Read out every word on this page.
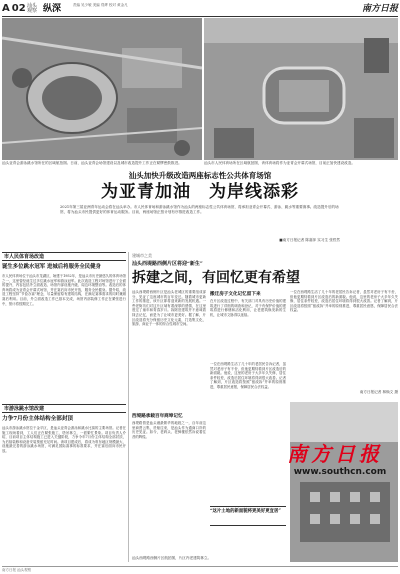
A 02 汕头
观察 纵深	责编 吴少敏 美编 郑烨 校对 黄金凡	南方日报
汕头亚青会游泳跳水馆所在的区域航拍图。日前，汕头亚青会场馆建设以及城市改造提升工作正在紧锣密鼓推进。	汕头市人民体育场所在区域航拍图，该体育场将作为亚青会开幕式场馆，目前正加快建设改造。
汕头加快升级改造两座标志性公共体育场馆
为亚青加油　为岸线添彩
2021年第三届亚洲青年运动会将在汕头举办。市人民体育场和游泳跳水馆作为汕头的两座标志性公共体育场馆，将承担亚青会开幕式、游泳、跳水等重要赛事。改造提升后的场馆，将为汕头市民提供更好的体育运动服务。目前，两座场馆正按计划有序推进改造工作。
■南方日报记者 陈嘉萍 实习生 张哲然
市人民体育场改造
诞生多位跳水冠军 进城后将服务全民健身
市人民体育场位于汕头市龙湖区，始建于1952年，是汕头市历史最悠久的体育场馆之一，这里曾经诞生过多位跳水冠军和游泳冠军。此次改造工程对场馆进行了全面的提升，内容包括外立面改造、场馆内部设施升级、周边环境整治等。改造后的体育场将成为亚青会开幕式场馆，并在赛后向市民开放，服务全民健身。据介绍，改造工程坚持“节俭办赛”理念，尽量保留原有建筑结构，在满足赛事需求的同时兼顾赛后利用。目前，外立面改造工作已基本完成，场馆内部装修工作正在紧张进行中，预计将按期完工。
市游泳跳水馆改建
力争7月份主体结构全部封顶
汕头市游泳跳水馆位于金平区，是汕头亚青会游泳和跳水比赛的主要场馆。记者在施工现场看到，工人们正在紧张施工，塔吊林立，一派繁忙景象。项目负责人介绍，目前项目主体结构施工已进入关键阶段，力争今年7月份主体结构全部封顶，为后续装修和设备安装预留充足时间。该项目建成后，将成为粤东地区规模最大、设施最完善的游泳跳水场馆，可满足国际赛事的标准要求，并在赛后面向市民开放。
建城市之美
汕头西堤路西侧片区将迎“新生”
拆建之间，有回忆更有希望
汕头西堤路西侧片区是汕头老城区的重要组成部分，见证了这座城市的百年变迁。随着城市更新工作的推进，该片区即将迎来新的发展机遇。一些老街坊们对这片区域有着深厚的感情，在这里度过了童年和青春岁月。拆除旧建筑并不意味着抹去记忆，而是为了让城市更美好。据了解，片区改造将充分保留历史文化元素，打造集文化、旅游、商业于一体的综合性城市空间。
搬迁房子文化记忆留下来
在片区改造过程中，有关部门对具有历史价值的建筑进行了详细的调查和登记，对于有保护价值的建筑将进行修缮和活化利用，让老建筑焕发新的生机，让城市文脉得以延续。
西堤路承载百年商埠记忆
西堤路曾是汕头港最繁华的地段之一，百年前这里商贾云集、货船往来，是汕头作为通商口岸的历史见证。如今，老码头、老骑楼依然诉说着往昔的辉煌。
一位在西堤路生活了几十年的老居民告诉记者，虽然对老房子有不舍，但他更期待看到片区改造后的新面貌。他说，这里的老房子大多年久失修，居住条件较差，改造后居住环境将得到很大改善。记者了解到，片区改造将按照“留改拆”并举的原则推进，尊重居民意愿，保障居民合法权益。
一位在西堤路生活了几十年的老居民告诉记者，虽然对老房子有不舍，但他更期待看到片区改造后的新面貌。他说，这里的老房子大多年久失修，居住条件较差，改造后居住环境将得到很大改善。记者了解到，片区改造将按照“留改拆”并举的原则推进，尊重居民意愿，保障居民合法权益。
“这片土地的新面貌将更美好更宜居”
南方日报
www.southcn.com
南方日报记者 林焕文 摄
汕头西堤路西侧片区航拍图，片区内老建筑林立。
南方日报 汕头观察
